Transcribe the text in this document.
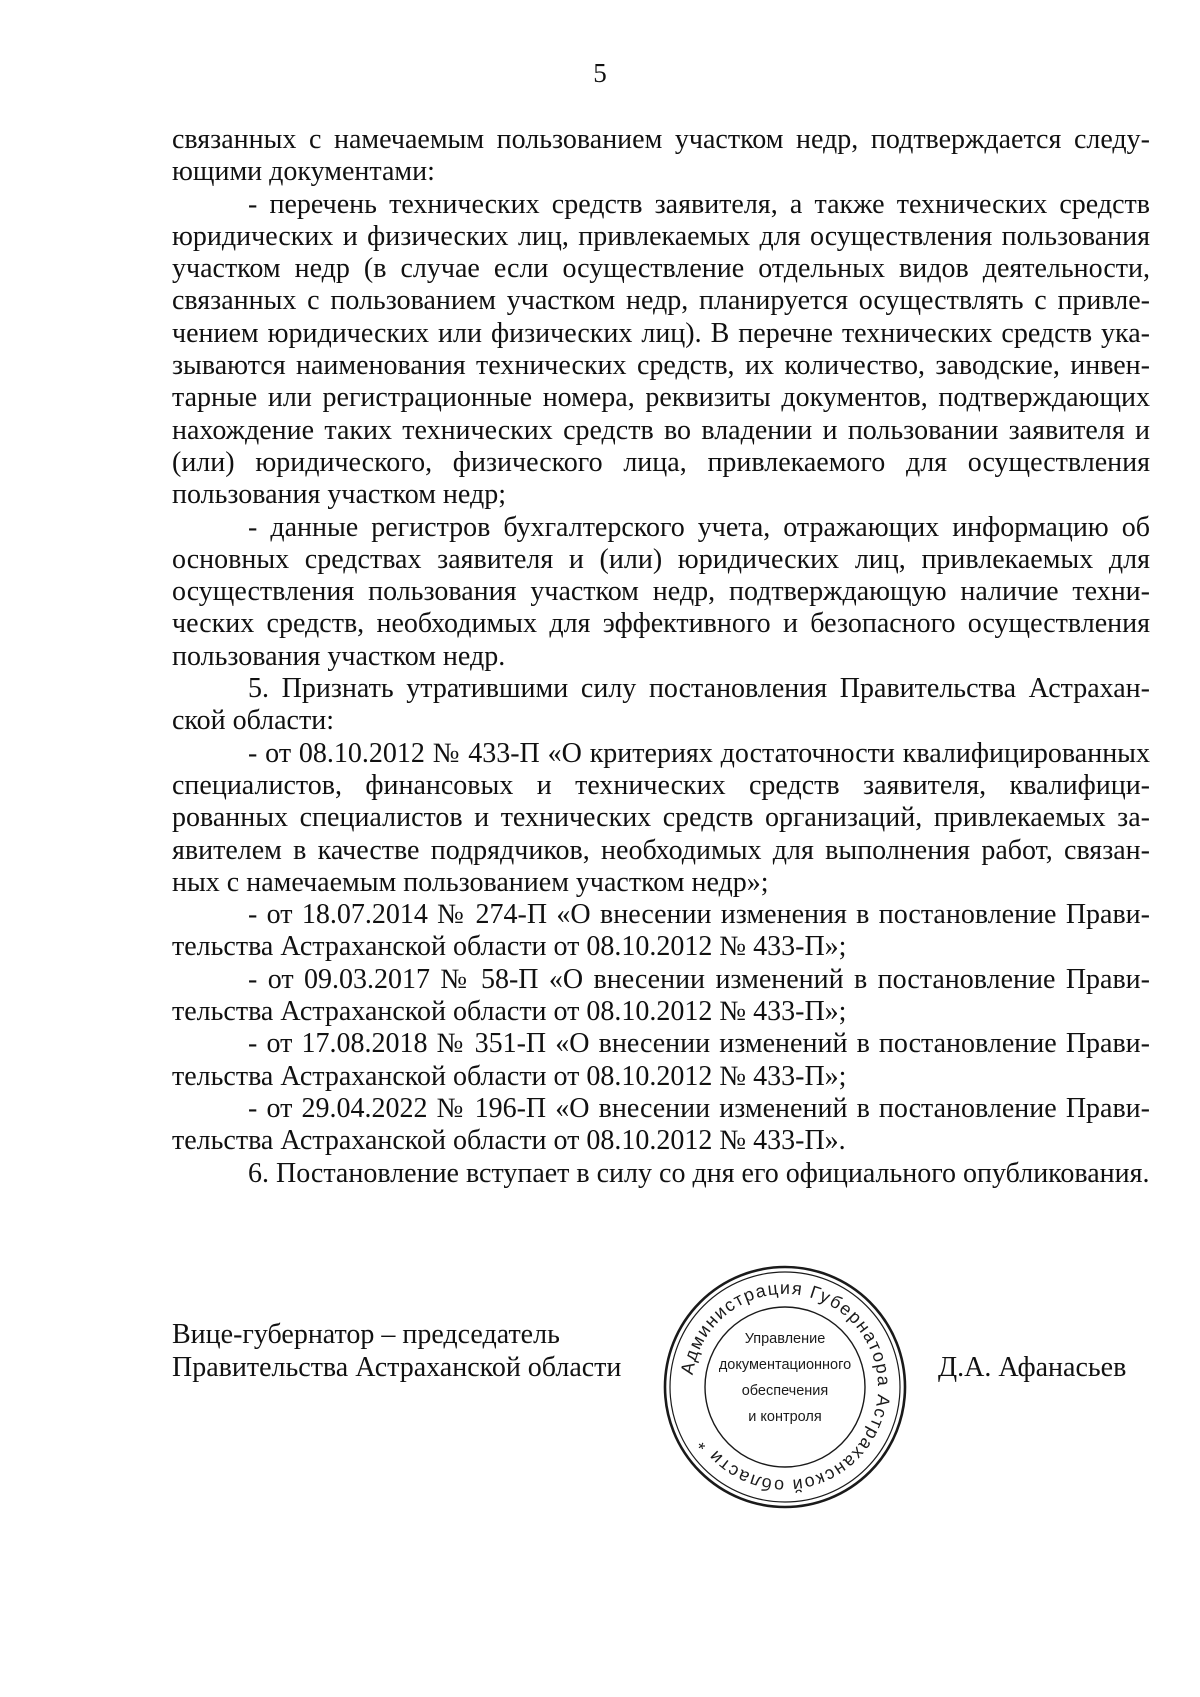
5

связанных с намечаемым пользованием участком недр, подтверждается следующими документами:

- перечень технических средств заявителя, а также технических средств юридических и физических лиц, привлекаемых для осуществления пользования участком недр (в случае если осуществление отдельных видов деятельности, связанных с пользованием участком недр, планируется осуществлять с привлечением юридических или физических лиц). В перечне технических средств указываются наименования технических средств, их количество, заводские, инвентарные или регистрационные номера, реквизиты документов, подтверждающих нахождение таких технических средств во владении и пользовании заявителя и (или) юридического, физического лица, привлекаемого для осуществления пользования участком недр;

- данные регистров бухгалтерского учета, отражающих информацию об основных средствах заявителя и (или) юридических лиц, привлекаемых для осуществления пользования участком недр, подтверждающую наличие технических средств, необходимых для эффективного и безопасного осуществления пользования участком недр.

5. Признать утратившими силу постановления Правительства Астраханской области:

- от 08.10.2012 № 433-П «О критериях достаточности квалифицированных специалистов, финансовых и технических средств заявителя, квалифицированных специалистов и технических средств организаций, привлекаемых заявителем в качестве подрядчиков, необходимых для выполнения работ, связанных с намечаемым пользованием участком недр»;

- от 18.07.2014 № 274-П «О внесении изменения в постановление Правительства Астраханской области от 08.10.2012 № 433-П»;

- от 09.03.2017 № 58-П «О внесении изменений в постановление Правительства Астраханской области от 08.10.2012 № 433-П»;

- от 17.08.2018 № 351-П «О внесении изменений в постановление Правительства Астраханской области от 08.10.2012 № 433-П»;

- от 29.04.2022 № 196-П «О внесении изменений в постановление Правительства Астраханской области от 08.10.2012 № 433-П».

6. Постановление вступает в силу со дня его официального опубликования.

Вице-губернатор – председатель
Правительства Астраханской области	Администрация Губернатора Астраханской области *
Управление
документационного
обеспечения
и контроля
Д.А. Афанасьев
